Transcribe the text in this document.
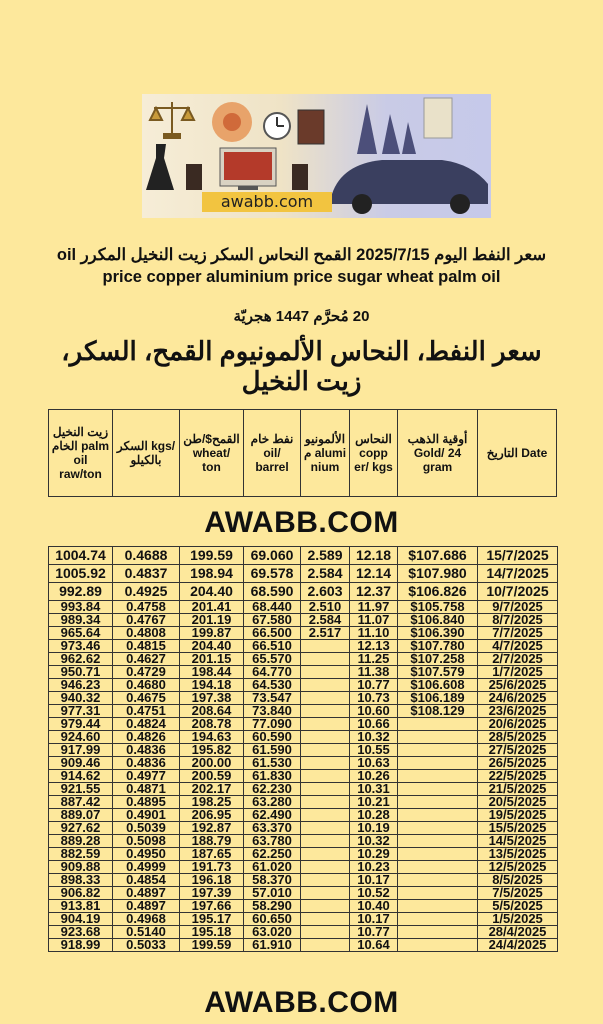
awabb.com
سعر النفط اليوم 2025/7/15 القمح النحاس السكر زيت النخيل المكرر oil
price copper aluminium price sugar wheat palm oil
20 مُحرَّم 1447 هجريّة
سعر النفط، النحاس الألمونيوم القمح، السكر، زيت النخيل
زيت النخيل الخام palm oil raw/ton	السكر kgs/بالكيلو	القمح$/طن wheat/ ton	نفط خام oil/ barrel	الألمونيو م alumi nium	النحاس copp er/ kgs	أوقية الذهب Gold/ 24 gram	التاريخ Date
AWABB.COM
1004.74	0.4688	199.59	69.060	2.589	12.18	$107.686	15/7/2025
1005.92	0.4837	198.94	69.578	2.584	12.14	$107.980	14/7/2025
992.89	0.4925	204.40	68.590	2.603	12.37	$106.826	10/7/2025
993.84	0.4758	201.41	68.440	2.510	11.97	$105.758	9/7/2025
989.34	0.4767	201.19	67.580	2.584	11.07	$106.840	8/7/2025
965.64	0.4808	199.87	66.500	2.517	11.10	$106.390	7/7/2025
973.46	0.4815	204.40	66.510		12.13	$107.780	4/7/2025
962.62	0.4627	201.15	65.570		11.25	$107.258	2/7/2025
950.71	0.4729	198.44	64.770		11.38	$107.579	1/7/2025
946.23	0.4680	194.18	64.530		10.77	$106.608	25/6/2025
940.32	0.4675	197.38	73.547		10.73	$106.189	24/6/2025
977.31	0.4751	208.64	73.840		10.60	$108.129	23/6/2025
979.44	0.4824	208.78	77.090		10.66		20/6/2025
924.60	0.4826	194.63	60.590		10.32		28/5/2025
917.99	0.4836	195.82	61.590		10.55		27/5/2025
909.46	0.4836	200.00	61.530		10.63		26/5/2025
914.62	0.4977	200.59	61.830		10.26		22/5/2025
921.55	0.4871	202.17	62.230		10.31		21/5/2025
887.42	0.4895	198.25	63.280		10.21		20/5/2025
889.07	0.4901	206.95	62.490		10.28		19/5/2025
927.62	0.5039	192.87	63.370		10.19		15/5/2025
889.28	0.5098	188.79	63.780		10.32		14/5/2025
882.59	0.4950	187.65	62.250		10.29		13/5/2025
909.88	0.4999	191.73	61.020		10.23		12/5/2025
898.33	0.4854	196.18	58.370		10.17		8/5/2025
906.82	0.4897	197.39	57.010		10.52		7/5/2025
913.81	0.4897	197.66	58.290		10.40		5/5/2025
904.19	0.4968	195.17	60.650		10.17		1/5/2025
923.68	0.5140	195.18	63.020		10.77		28/4/2025
918.99	0.5033	199.59	61.910		10.64		24/4/2025
AWABB.COM
